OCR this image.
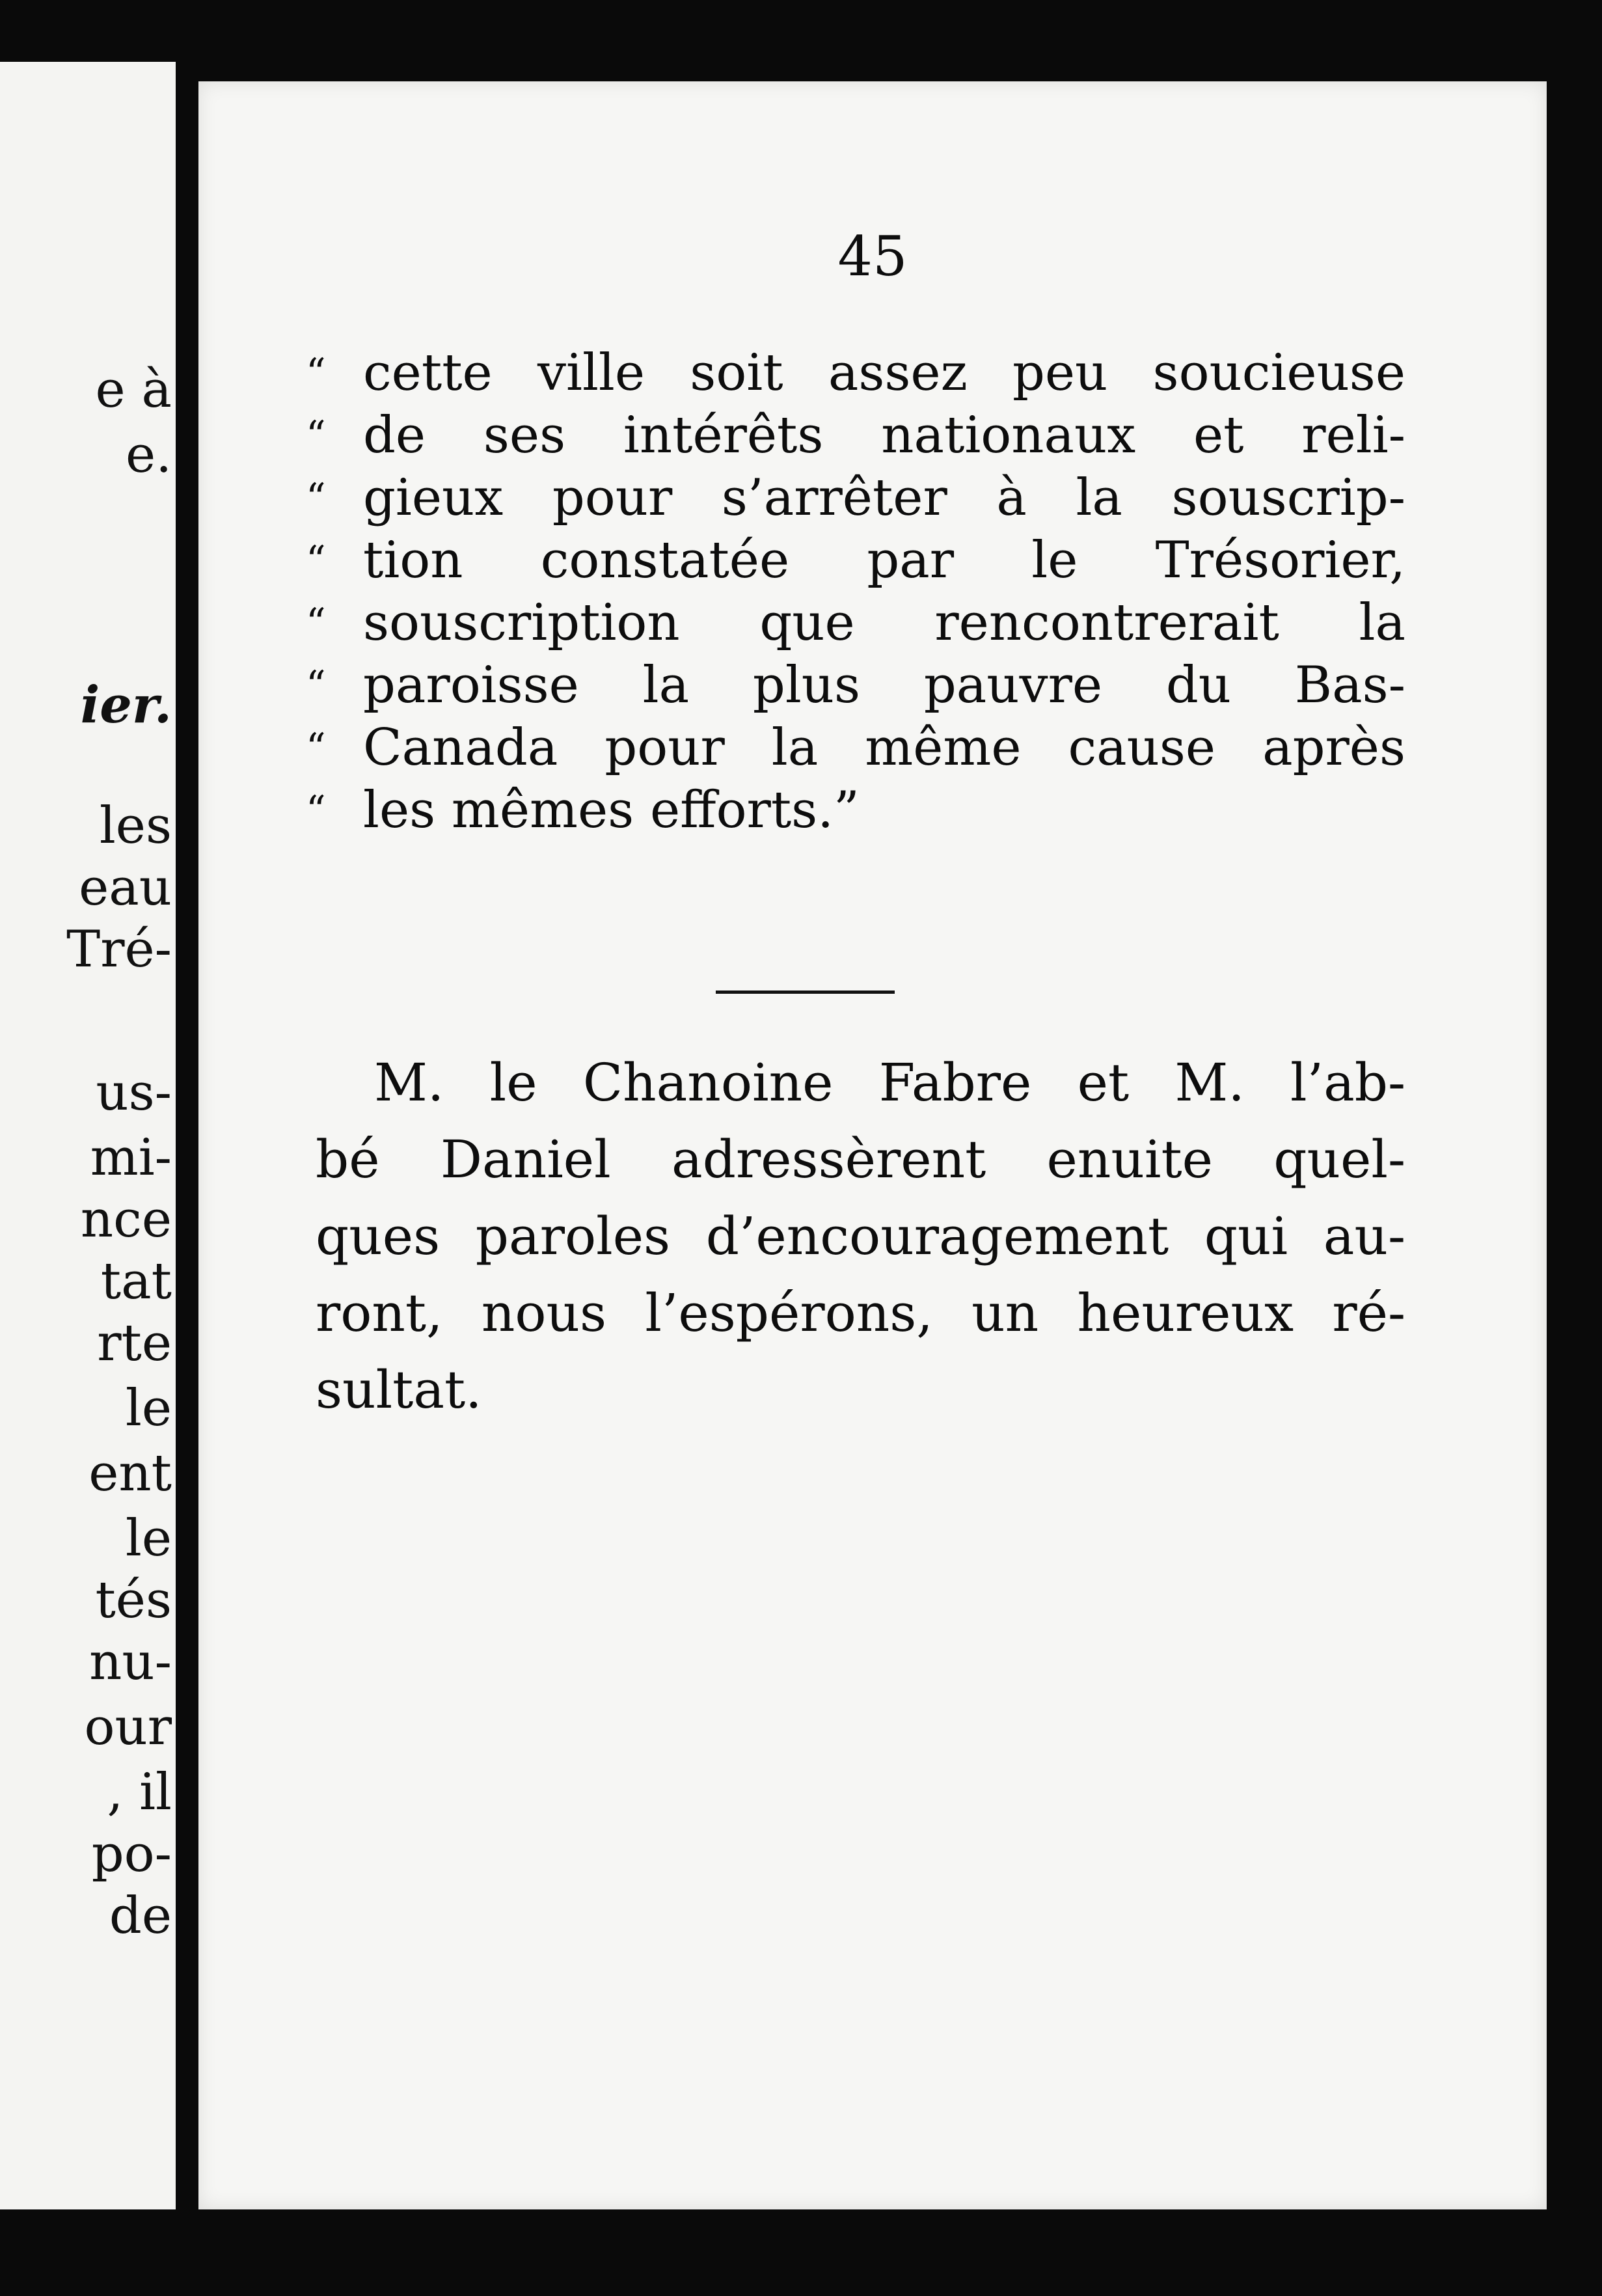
e à
e.
ier.
les
eau
Tré-
us-
mi-
nce
tat
rte
le
ent
le
tés
nu-
our
, il
po-
de
45
“ cette ville soit assez peu soucieuse
“ de ses intérêts nationaux et reli-
“ gieux pour s’arrêter à la souscrip-
“ tion constatée par le Trésorier,
“ souscription que rencontrerait la
“ paroisse la plus pauvre du Bas-
“ Canada pour la même cause après
“ les mêmes efforts.”
M. le Chanoine Fabre et M. l’ab-
bé Daniel adressèrent enuite quel-
ques paroles d’encouragement qui au-
ront, nous l’espérons, un heureux ré-
sultat.
